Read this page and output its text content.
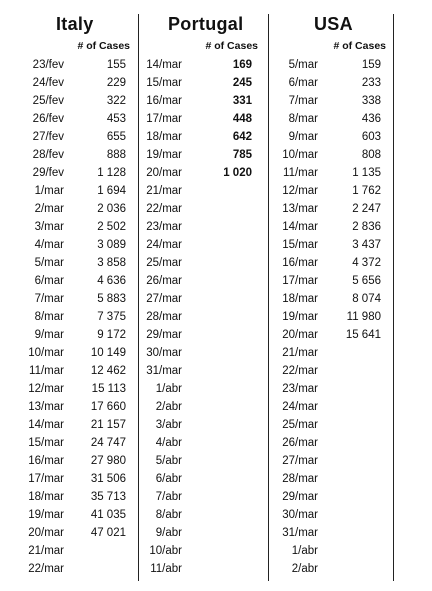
Italy
# of Cases
23/fev	155
24/fev	229
25/fev	322
26/fev	453
27/fev	655
28/fev	888
29/fev	1 128
1/mar	1 694
2/mar	2 036
3/mar	2 502
4/mar	3 089
5/mar	3 858
6/mar	4 636
7/mar	5 883
8/mar	7 375
9/mar	9 172
10/mar	10 149
11/mar	12 462
12/mar	15 113
13/mar	17 660
14/mar	21 157
15/mar	24 747
16/mar	27 980
17/mar	31 506
18/mar	35 713
19/mar	41 035
20/mar	47 021
21/mar
22/mar
Portugal
# of Cases
14/mar	169
15/mar	245
16/mar	331
17/mar	448
18/mar	642
19/mar	785
20/mar	1 020
21/mar
22/mar
23/mar
24/mar
25/mar
26/mar
27/mar
28/mar
29/mar
30/mar
31/mar
1/abr
2/abr
3/abr
4/abr
5/abr
6/abr
7/abr
8/abr
9/abr
10/abr
11/abr
USA
# of Cases
5/mar	159
6/mar	233
7/mar	338
8/mar	436
9/mar	603
10/mar	808
11/mar	1 135
12/mar	1 762
13/mar	2 247
14/mar	2 836
15/mar	3 437
16/mar	4 372
17/mar	5 656
18/mar	8 074
19/mar	11 980
20/mar	15 641
21/mar
22/mar
23/mar
24/mar
25/mar
26/mar
27/mar
28/mar
29/mar
30/mar
31/mar
1/abr
2/abr
